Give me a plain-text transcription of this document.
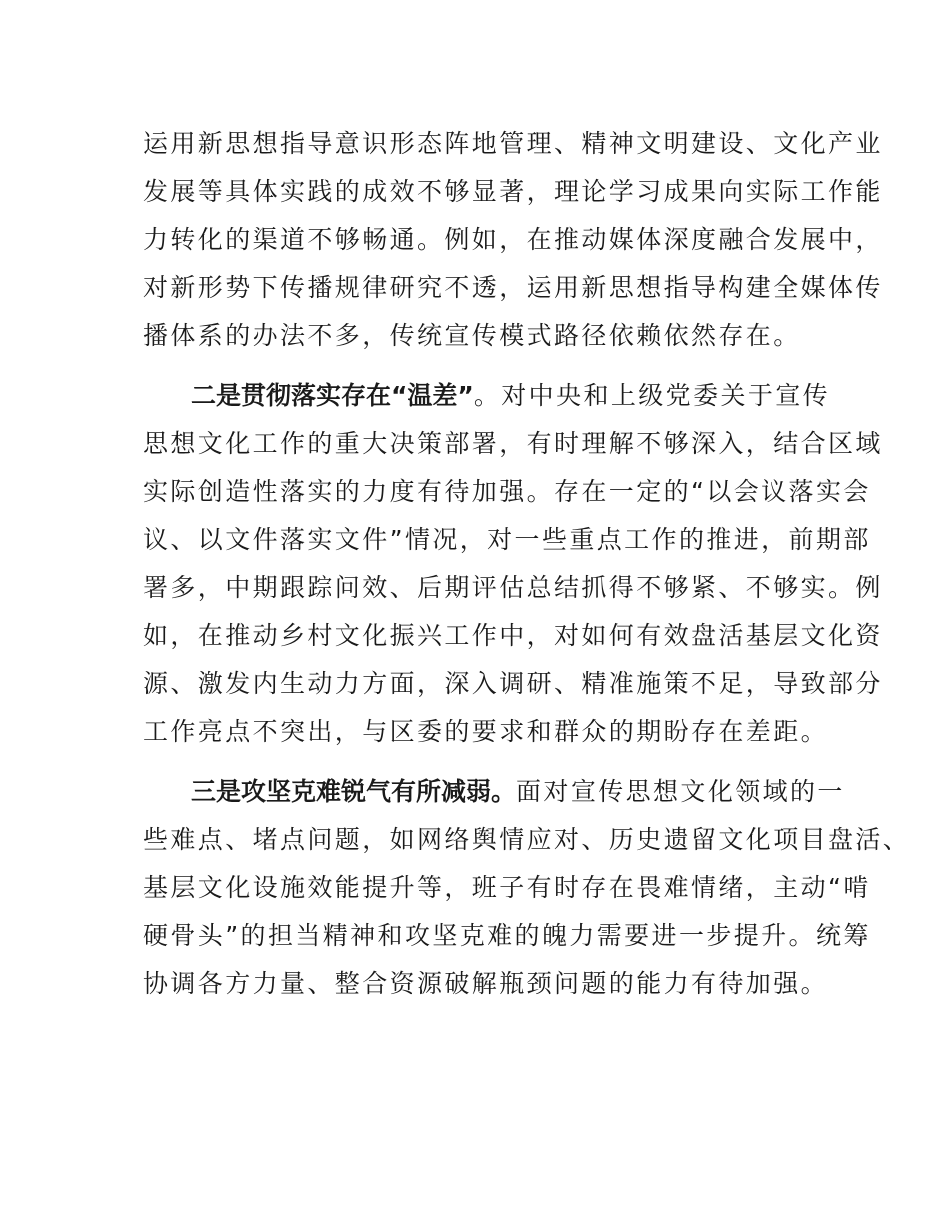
运用新思想指导意识形态阵地管理、精神文明建设、文化产业
发展等具体实践的成效不够显著，理论学习成果向实际工作能
力转化的渠道不够畅通。例如，在推动媒体深度融合发展中，
对新形势下传播规律研究不透，运用新思想指导构建全媒体传
播体系的办法不多，传统宣传模式路径依赖依然存在。
二是贯彻落实存在“温差”。对中央和上级党委关于宣传
思想文化工作的重大决策部署，有时理解不够深入，结合区域
实际创造性落实的力度有待加强。存在一定的“以会议落实会
议、以文件落实文件”情况，对一些重点工作的推进，前期部
署多，中期跟踪问效、后期评估总结抓得不够紧、不够实。例
如，在推动乡村文化振兴工作中，对如何有效盘活基层文化资
源、激发内生动力方面，深入调研、精准施策不足，导致部分
工作亮点不突出，与区委的要求和群众的期盼存在差距。
三是攻坚克难锐气有所减弱。面对宣传思想文化领域的一
些难点、堵点问题，如网络舆情应对、历史遗留文化项目盘活、
基层文化设施效能提升等，班子有时存在畏难情绪，主动“啃
硬骨头”的担当精神和攻坚克难的魄力需要进一步提升。统筹
协调各方力量、整合资源破解瓶颈问题的能力有待加强。
